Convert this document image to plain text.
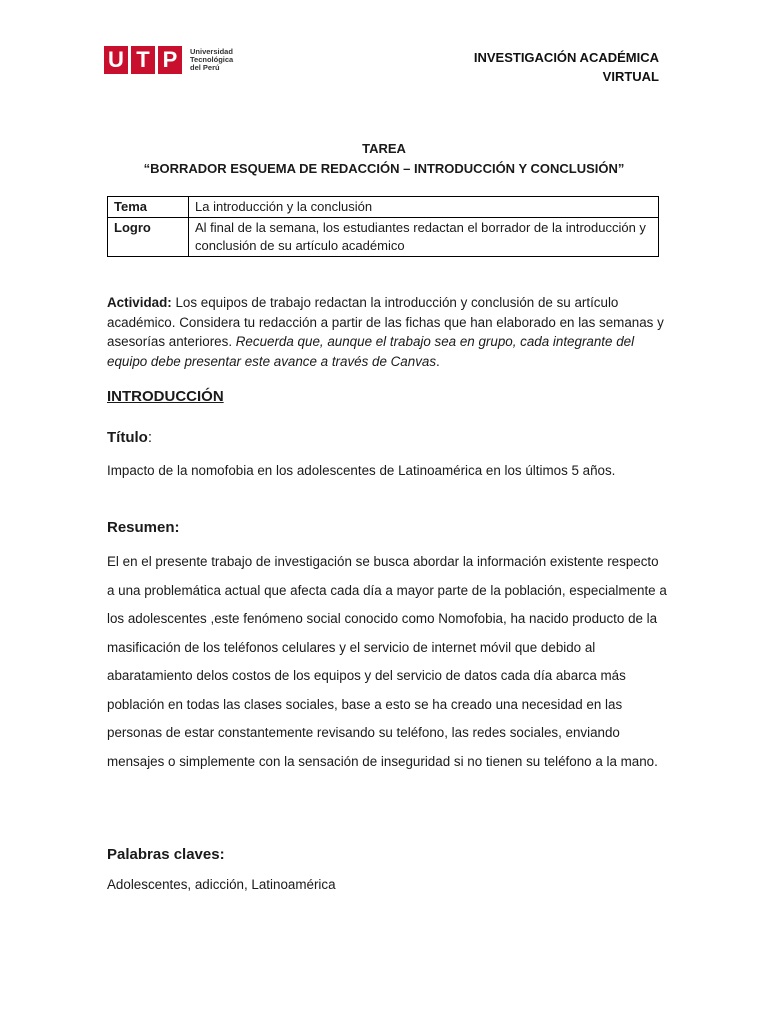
U T P	Universidad
Tecnológica
del Perú
INVESTIGACIÓN ACADÉMICA
VIRTUAL
TAREA
“BORRADOR ESQUEMA DE REDACCIÓN – INTRODUCCIÓN Y CONCLUSIÓN”
Tema	La introducción y la conclusión
Logro	Al final de la semana, los estudiantes redactan el borrador de la introducción y conclusión de su artículo académico
Actividad: Los equipos de trabajo redactan la introducción y conclusión de su artículo académico. Considera tu redacción a partir de las fichas que han elaborado en las semanas y asesorías anteriores. Recuerda que, aunque el trabajo sea en grupo, cada integrante del equipo debe presentar este avance a través de Canvas.
INTRODUCCIÓN
Título:
Impacto de la nomofobia en los adolescentes de Latinoamérica en los últimos 5 años.
Resumen:
El en el presente trabajo de investigación se busca abordar la información existente respecto a una problemática actual que afecta cada día a mayor parte de la población, especialmente a los adolescentes ,este fenómeno social conocido como Nomofobia, ha nacido producto de la masificación de los teléfonos celulares y el servicio de internet móvil que debido al abaratamiento delos costos de los equipos y del servicio de datos cada día abarca más población en todas las clases sociales, base a esto se ha creado una necesidad en las personas de estar constantemente revisando su teléfono, las redes sociales, enviando mensajes o simplemente con la sensación de inseguridad si no tienen su teléfono a la mano.
Palabras claves:
Adolescentes, adicción, Latinoamérica
